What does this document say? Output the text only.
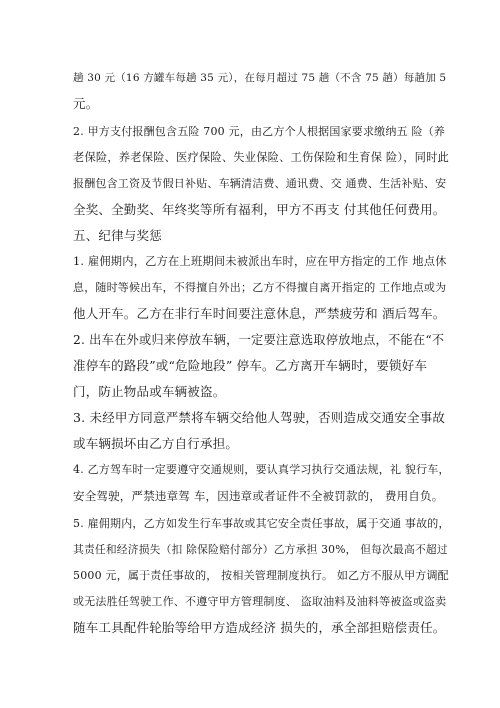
趟 30 元（16 方罐车每趟 35 元），在每月超过 75 趟（不含 75 趟）每趟加 5
元。
2. 甲方支付报酬包含五险 700 元，由乙方个人根据国家要求缴纳五 险（养
老保险，养老保险、医疗保险、失业保险、工伤保险和生育保 险），同时此
报酬包含工资及节假日补贴、车辆清洁费、通讯费、交 通费、生活补贴、安
全奖、全勤奖、年终奖等所有福利，甲方不再支 付其他任何费用。
五、纪律与奖惩
1. 雇佣期内，乙方在上班期间未被派出车时，应在甲方指定的工作 地点休
息，随时等候出车，不得擅自外出；乙方不得擅自离开指定的 工作地点或为
他人开车。乙方在非行车时间要注意休息，严禁疲劳和 酒后驾车。
2. 出车在外或归来停放车辆，一定要注意选取停放地点，不能在“不
准停车的路段”或“危险地段” 停车。乙方离开车辆时，要锁好车
门，防止物品或车辆被盗。
3. 未经甲方同意严禁将车辆交给他人驾驶，否则造成交通安全事故
或车辆损坏由乙方自行承担。
4. 乙方驾车时一定要遵守交通规则，要认真学习执行交通法规，礼 貌行车，
安全驾驶，严禁违章驾 车，因违章或者证件不全被罚款的， 费用自负。
5. 雇佣期内，乙方如发生行车事故或其它安全责任事故，属于交通 事故的，
其责任和经济损失（扣 除保险赔付部分）乙方承担 30%， 但每次最高不超过
5000 元，属于责任事故的， 按相关管理制度执行。 如乙方不服从甲方调配
或无法胜任驾驶工作、不遵守甲方管理制度、 盗取油料及油料等被盗或盗卖
随车工具配件轮胎等给甲方造成经济 损失的，承全部担赔偿责任。
